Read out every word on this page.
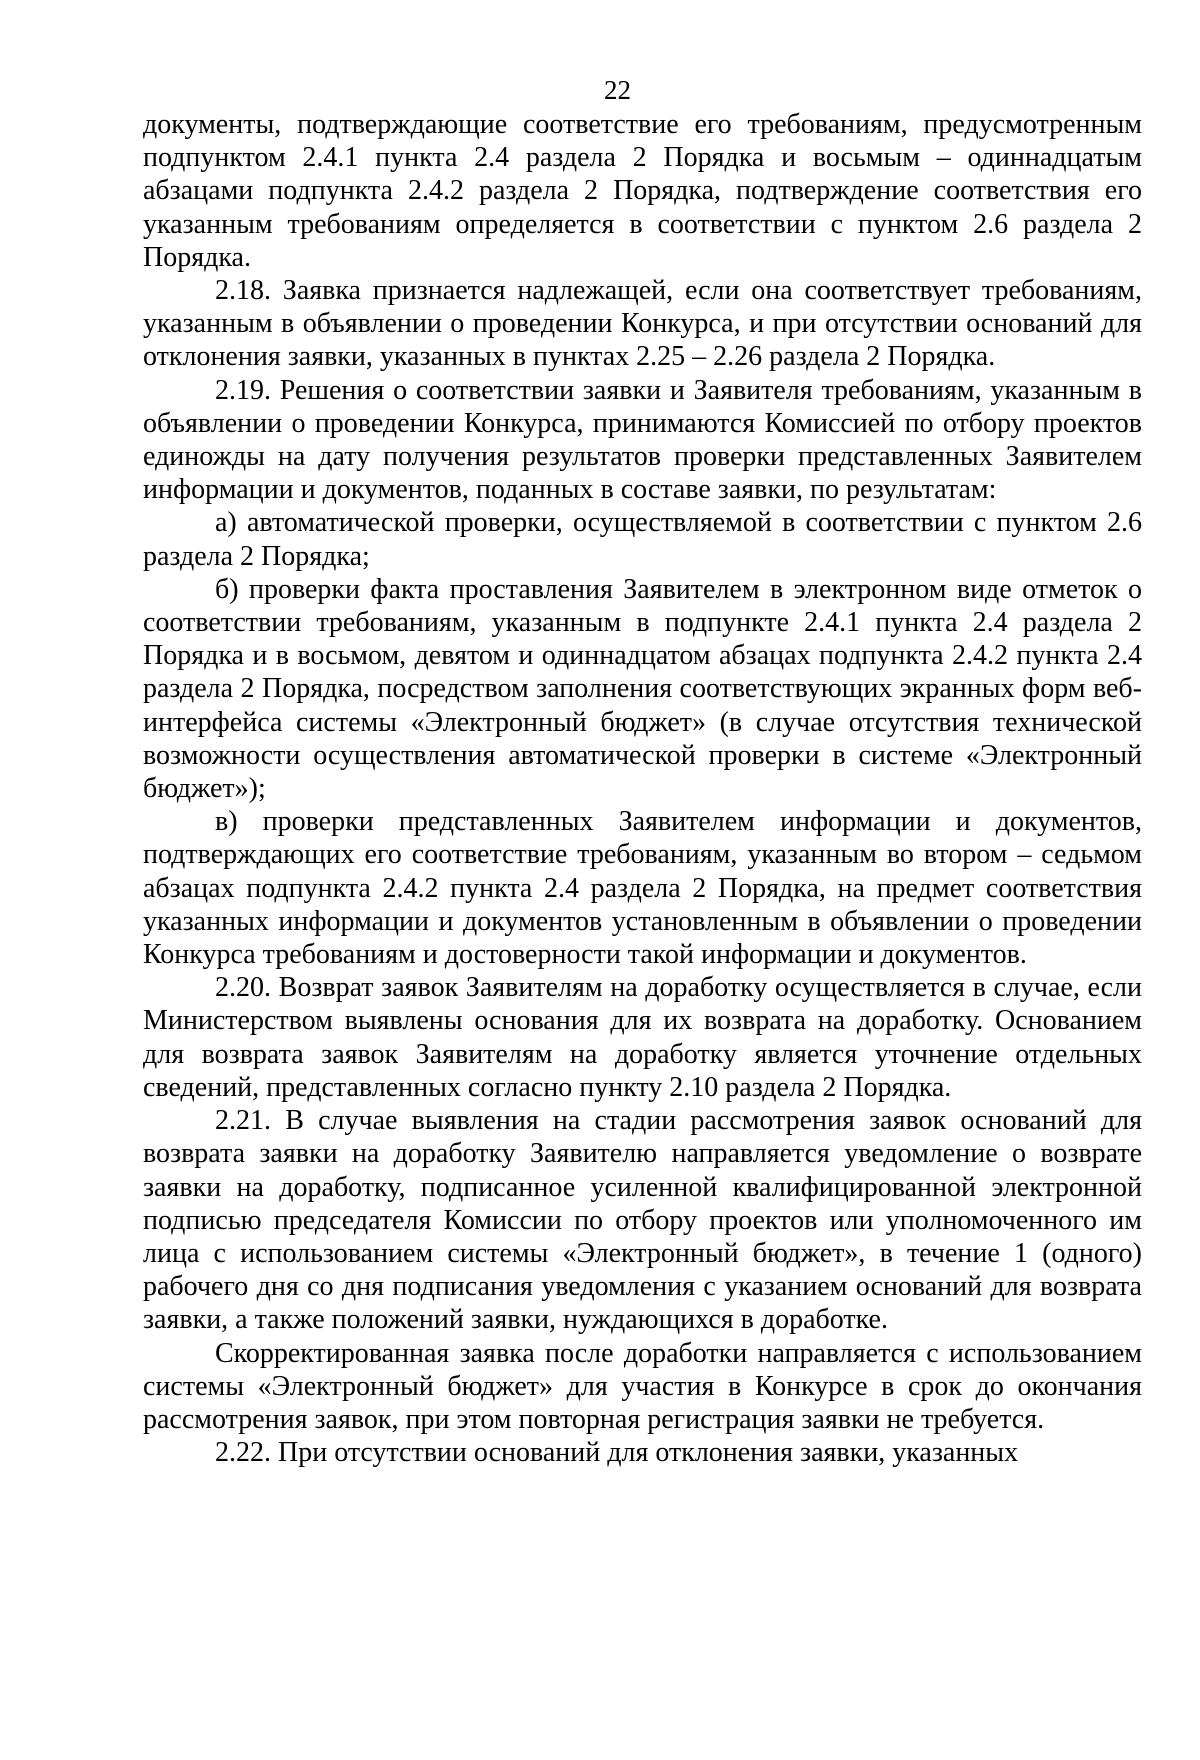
22

документы, подтверждающие соответствие его требованиям, предусмотренным подпунктом 2.4.1 пункта 2.4 раздела 2 Порядка и восьмым – одиннадцатым абзацами подпункта 2.4.2 раздела 2 Порядка, подтверждение соответствия его указанным требованиям определяется в соответствии с пунктом 2.6 раздела 2 Порядка.

2.18. Заявка признается надлежащей, если она соответствует требованиям, указанным в объявлении о проведении Конкурса, и при отсутствии оснований для отклонения заявки, указанных в пунктах 2.25 – 2.26 раздела 2 Порядка.

2.19. Решения о соответствии заявки и Заявителя требованиям, указанным в объявлении о проведении Конкурса, принимаются Комиссией по отбору проектов единожды на дату получения результатов проверки представленных Заявителем информации и документов, поданных в составе заявки, по результатам:

а) автоматической проверки, осуществляемой в соответствии с пунктом 2.6 раздела 2 Порядка;

б) проверки факта проставления Заявителем в электронном виде отметок о соответствии требованиям, указанным в подпункте 2.4.1 пункта 2.4 раздела 2 Порядка и в восьмом, девятом и одиннадцатом абзацах подпункта 2.4.2 пункта 2.4 раздела 2 Порядка, посредством заполнения соответствующих экранных форм веб-интерфейса системы «Электронный бюджет» (в случае отсутствия технической возможности осуществления автоматической проверки в системе «Электронный бюджет»);

в) проверки представленных Заявителем информации и документов, подтверждающих его соответствие требованиям, указанным во втором – седьмом абзацах подпункта 2.4.2 пункта 2.4 раздела 2 Порядка, на предмет соответствия указанных информации и документов установленным в объявлении о проведении Конкурса требованиям и достоверности такой информации и документов.

2.20. Возврат заявок Заявителям на доработку осуществляется в случае, если Министерством выявлены основания для их возврата на доработку. Основанием для возврата заявок Заявителям на доработку является уточнение отдельных сведений, представленных согласно пункту 2.10 раздела 2 Порядка.

2.21. В случае выявления на стадии рассмотрения заявок оснований для возврата заявки на доработку Заявителю направляется уведомление о возврате заявки на доработку, подписанное усиленной квалифицированной электронной подписью председателя Комиссии по отбору проектов или уполномоченного им лица с использованием системы «Электронный бюджет», в течение 1 (одного) рабочего дня со дня подписания уведомления с указанием оснований для возврата заявки, а также положений заявки, нуждающихся в доработке.

Скорректированная заявка после доработки направляется с использованием системы «Электронный бюджет» для участия в Конкурсе в срок до окончания рассмотрения заявок, при этом повторная регистрация заявки не требуется.

2.22. При отсутствии оснований для отклонения заявки, указанных
